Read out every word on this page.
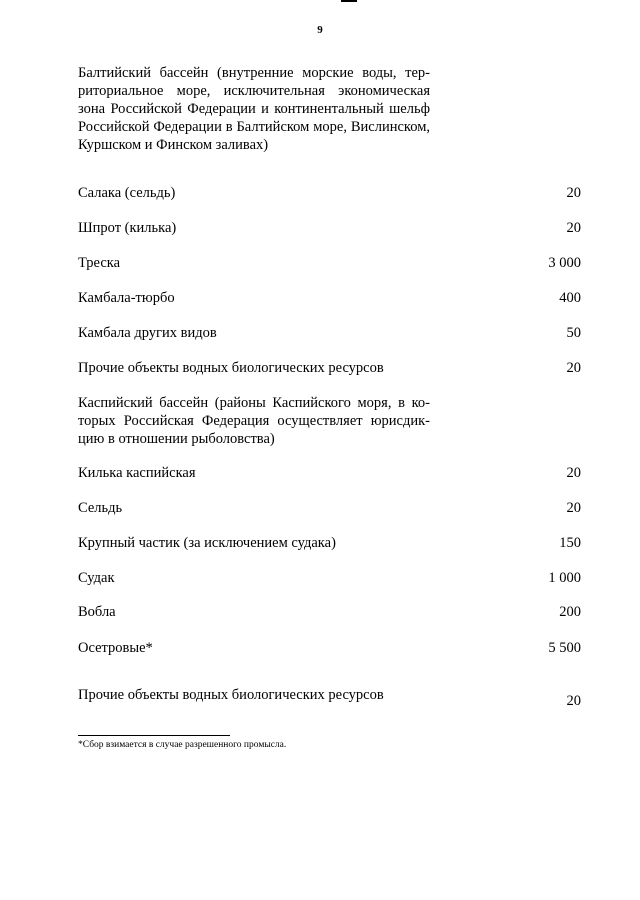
9
Балтийский бассейн (внутренние морские воды, тер-риториальное море, исключительная экономическая зона Российской Федерации и континентальный шельф Российской Федерации в Балтийском море, Вислинском, Куршском и Финском заливах)
Салака (сельдь)	20
Шпрот (килька)	20
Треска	3 000
Камбала-тюрбо	400
Камбала других видов	50
Прочие объекты водных биологических ресурсов	20
Каспийский бассейн (районы Каспийского моря, в ко-торых Российская Федерация осуществляет юрисдик-цию в отношении рыболовства)
Килька каспийская	20
Сельдь	20
Крупный частик (за исключением судака)	150
Судак	1 000
Вобла	200
Осетровые*	5 500
Прочие объекты водных биологических ресурсов	20
*Сбор взимается в случае разрешенного промысла.
